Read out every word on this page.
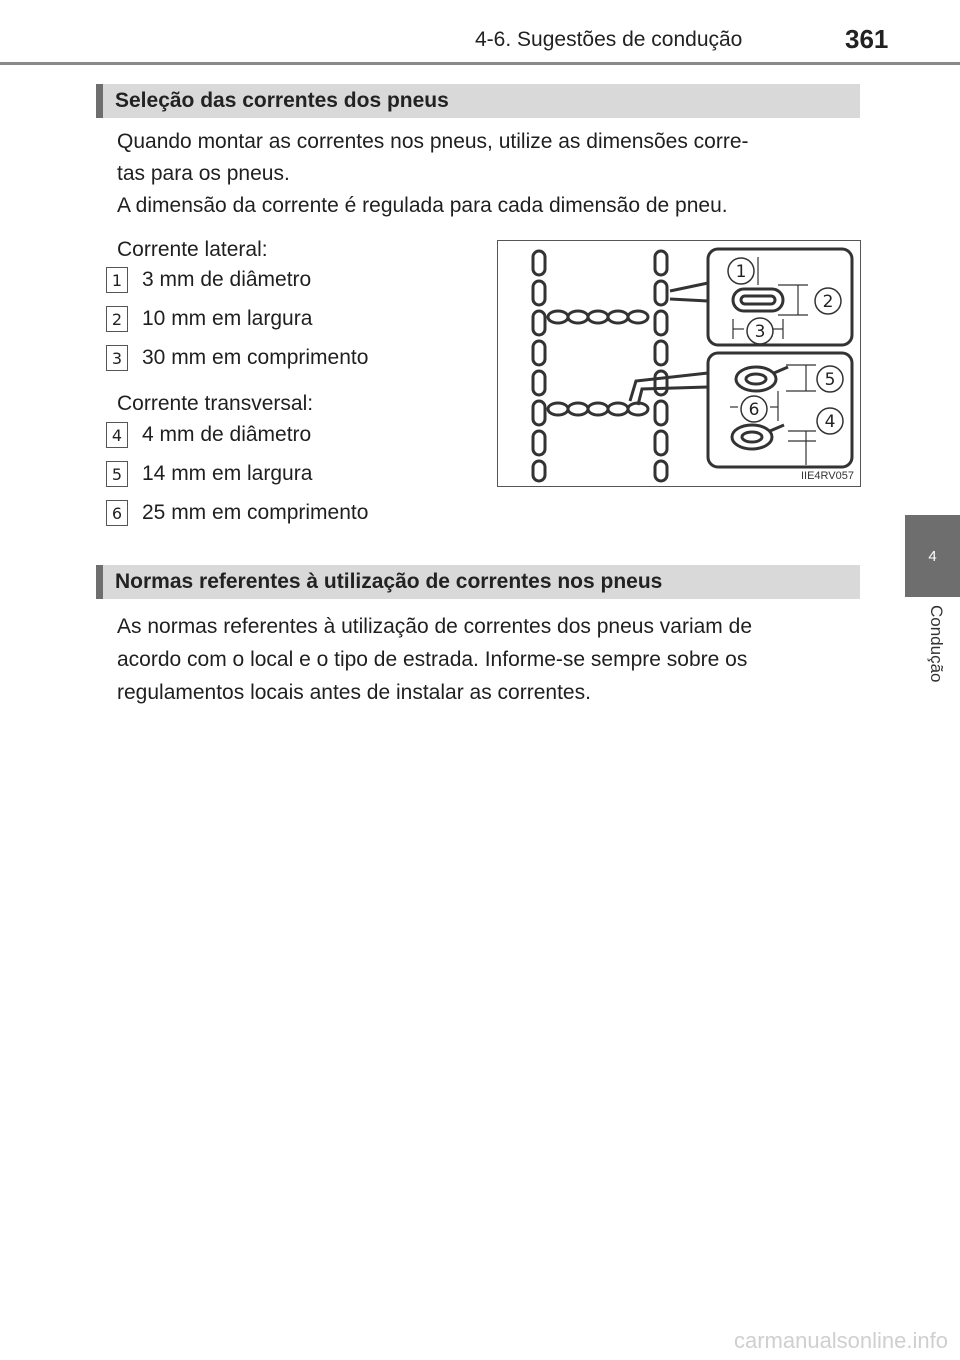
4-6. Sugestões de condução	361
4
Condução
Seleção das correntes dos pneus
Quando montar as correntes nos pneus, utilize as dimensões corre-
tas para os pneus.
A dimensão da corrente é regulada para cada dimensão de pneu.
Corrente lateral:
1 3 mm de diâmetro
2 10 mm em largura
3 30 mm em comprimento
Corrente transversal:
4 4 mm de diâmetro
5 14 mm em largura
6 25 mm em comprimento
1
2
3
5
6
4
IIE4RV057
Normas referentes à utilização de correntes nos pneus
As normas referentes à utilização de correntes dos pneus variam de
acordo com o local e o tipo de estrada. Informe-se sempre sobre os
regulamentos locais antes de instalar as correntes.
carmanualsonline.info
